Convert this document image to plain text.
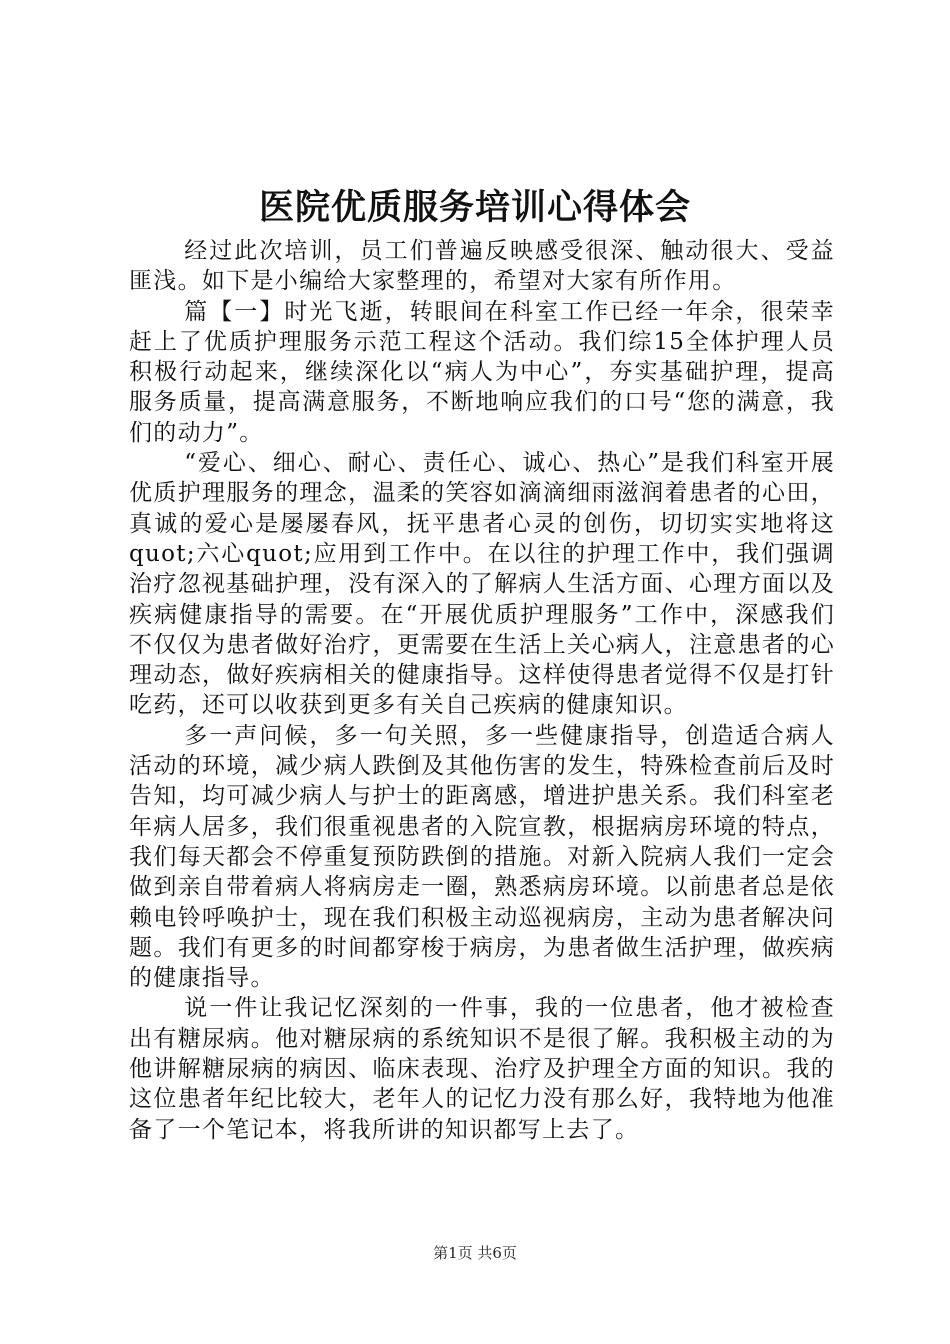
医院优质服务培训心得体会

经过此次培训，员工们普遍反映感受很深、触动很大、受益匪浅。如下是小编给大家整理的，希望对大家有所作用。

篇【一】时光飞逝，转眼间在科室工作已经一年余，很荣幸赶上了优质护理服务示范工程这个活动。我们综15全体护理人员积极行动起来，继续深化以“病人为中心”，夯实基础护理，提高服务质量，提高满意服务，不断地响应我们的口号“您的满意，我们的动力”。

“爱心、细心、耐心、责任心、诚心、热心”是我们科室开展优质护理服务的理念，温柔的笑容如滴滴细雨滋润着患者的心田，真诚的爱心是屡屡春风，抚平患者心灵的创伤，切切实实地将这quot;六心quot;应用到工作中。在以往的护理工作中，我们强调治疗忽视基础护理，没有深入的了解病人生活方面、心理方面以及疾病健康指导的需要。在“开展优质护理服务”工作中，深感我们不仅仅为患者做好治疗，更需要在生活上关心病人，注意患者的心理动态，做好疾病相关的健康指导。这样使得患者觉得不仅是打针吃药，还可以收获到更多有关自己疾病的健康知识。

多一声问候，多一句关照，多一些健康指导，创造适合病人活动的环境，减少病人跌倒及其他伤害的发生，特殊检查前后及时告知，均可减少病人与护士的距离感，增进护患关系。我们科室老年病人居多，我们很重视患者的入院宣教，根据病房环境的特点，我们每天都会不停重复预防跌倒的措施。对新入院病人我们一定会做到亲自带着病人将病房走一圈，熟悉病房环境。以前患者总是依赖电铃呼唤护士，现在我们积极主动巡视病房，主动为患者解决问题。我们有更多的时间都穿梭于病房，为患者做生活护理，做疾病的健康指导。

说一件让我记忆深刻的一件事，我的一位患者，他才被检查出有糖尿病。他对糖尿病的系统知识不是很了解。我积极主动的为他讲解糖尿病的病因、临床表现、治疗及护理全方面的知识。我的这位患者年纪比较大，老年人的记忆力没有那么好，我特地为他准备了一个笔记本，将我所讲的知识都写上去了。

第1页 共6页
